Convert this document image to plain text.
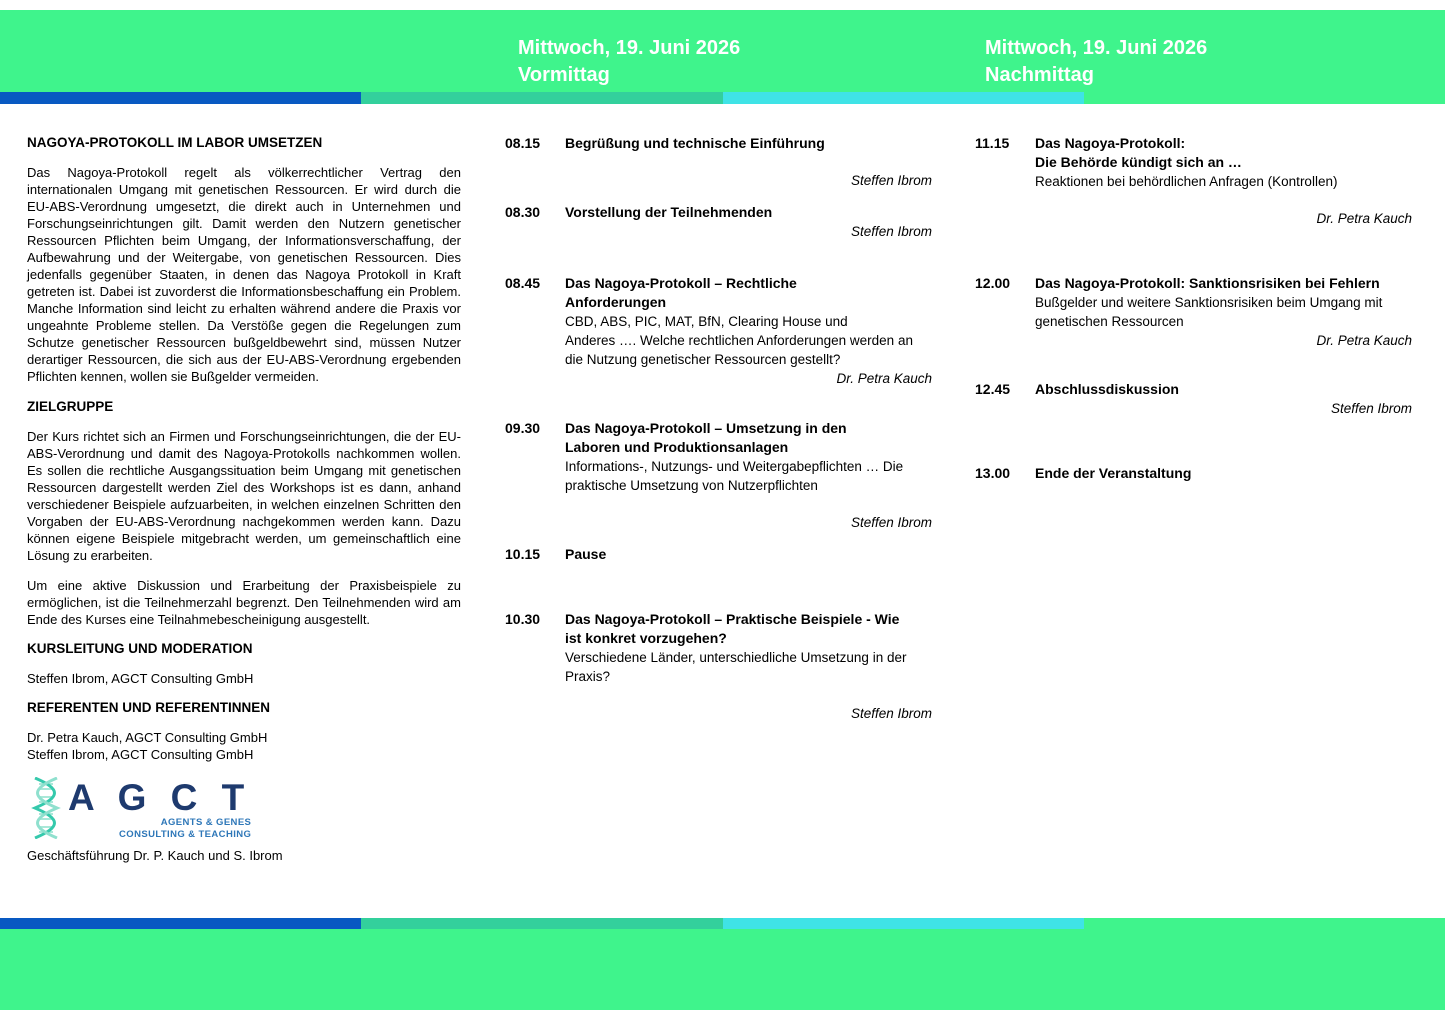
Mittwoch, 19. Juni 2026
Vormittag
Mittwoch, 19. Juni 2026
Nachmittag

NAGOYA-PROTOKOLL IM LABOR UMSETZEN

Das Nagoya-Protokoll regelt als völkerrechtlicher Vertrag den internationalen Umgang mit genetischen Ressourcen. Er wird durch die EU-ABS-Verordnung umgesetzt, die direkt auch in Unternehmen und Forschungseinrichtungen gilt. Damit werden den Nutzern genetischer Ressourcen Pflichten beim Umgang, der Informationsverschaffung, der Aufbewahrung und der Weitergabe, von genetischen Ressourcen. Dies jedenfalls gegenüber Staaten, in denen das Nagoya Protokoll in Kraft getreten ist. Dabei ist zuvorderst die Informationsbeschaffung ein Problem. Manche Information sind leicht zu erhalten während andere die Praxis vor ungeahnte Probleme stellen. Da Verstöße gegen die Regelungen zum Schutze genetischer Ressourcen bußgeldbewehrt sind, müssen Nutzer derartiger Ressourcen, die sich aus der EU-ABS-Verordnung ergebenden Pflichten kennen, wollen sie Bußgelder vermeiden.

ZIELGRUPPE

Der Kurs richtet sich an Firmen und Forschungseinrichtungen, die der EU-ABS-Verordnung und damit des Nagoya-Protokolls nachkommen wollen. Es sollen die rechtliche Ausgangssituation beim Umgang mit genetischen Ressourcen dargestellt werden Ziel des Workshops ist es dann, anhand verschiedener Beispiele aufzuarbeiten, in welchen einzelnen Schritten den Vorgaben der EU-ABS-Verordnung nachgekommen werden kann. Dazu können eigene Beispiele mitgebracht werden, um gemeinschaftlich eine Lösung zu erarbeiten.

Um eine aktive Diskussion und Erarbeitung der Praxisbeispiele zu ermöglichen, ist die Teilnehmerzahl begrenzt. Den Teilnehmenden wird am Ende des Kurses eine Teilnahmebescheinigung ausgestellt.

KURSLEITUNG UND MODERATION

Steffen Ibrom, AGCT Consulting GmbH

REFERENTEN UND REFERENTINNEN

Dr. Petra Kauch, AGCT Consulting GmbH
Steffen Ibrom, AGCT Consulting GmbH
A G C T
AGENTS & GENES
CONSULTING & TEACHING
Geschäftsführung Dr. P. Kauch und S. Ibrom
08.15	Begrüßung und technische Einführung
Steffen Ibrom
08.30	Vorstellung der Teilnehmenden
Steffen Ibrom
08.45	Das Nagoya-Protokoll – Rechtliche
Anforderungen
CBD, ABS, PIC, MAT, BfN, Clearing House und
Anderes …. Welche rechtlichen Anforderungen werden an die Nutzung genetischer Ressourcen gestellt?
Dr. Petra Kauch
09.30	Das Nagoya-Protokoll – Umsetzung in den
Laboren und Produktionsanlagen
Informations-, Nutzungs- und Weitergabepflichten … Die praktische Umsetzung von Nutzerpflichten
Steffen Ibrom
10.15	Pause
10.30	Das Nagoya-Protokoll – Praktische Beispiele - Wie
ist konkret vorzugehen?
Verschiedene Länder, unterschiedliche Umsetzung in der Praxis?
Steffen Ibrom
11.15	Das Nagoya-Protokoll:
Die Behörde kündigt sich an …
Reaktionen bei behördlichen Anfragen (Kontrollen)
Dr. Petra Kauch
12.00	Das Nagoya-Protokoll: Sanktionsrisiken bei Fehlern
Bußgelder und weitere Sanktionsrisiken beim Umgang mit genetischen Ressourcen
Dr. Petra Kauch
12.45	Abschlussdiskussion
Steffen Ibrom
13.00	Ende der Veranstaltung
